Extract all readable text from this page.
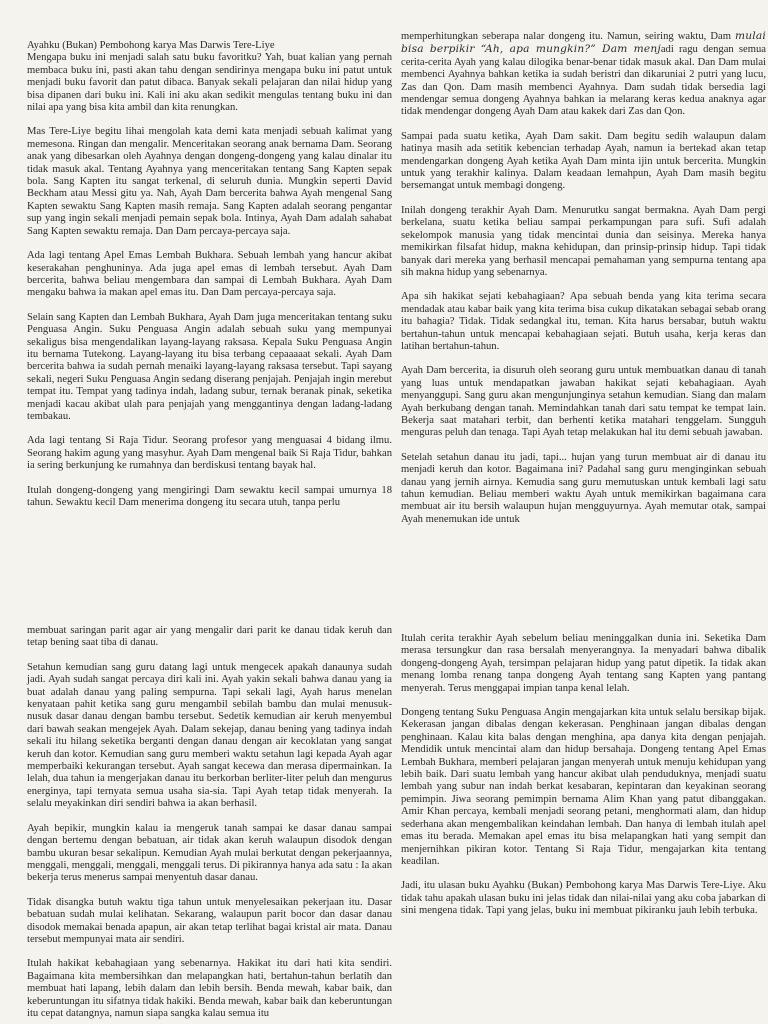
Ayahku (Bukan) Pembohong karya Mas Darwis Tere-Liye

Mengapa buku ini menjadi salah satu buku favoritku? Yah, buat kalian yang pernah membaca buku ini, pasti akan tahu dengan sendirinya mengapa buku ini patut untuk menjadi buku favorit dan patut dibaca. Banyak sekali pelajaran dan nilai hidup yang bisa dipanen dari buku ini. Kali ini aku akan sedikit mengulas tentang buku ini dan nilai apa yang bisa kita ambil dan kita renungkan.

Mas Tere-Liye begitu lihai mengolah kata demi kata menjadi sebuah kalimat yang memesona. Ringan dan mengalir. Menceritakan seorang anak bernama Dam. Seorang anak yang dibesarkan oleh Ayahnya dengan dongeng-dongeng yang kalau dinalar itu tidak masuk akal. Tentang Ayahnya yang menceritakan tentang Sang Kapten sepak bola. Sang Kapten itu sangat terkenal, di seluruh dunia. Mungkin seperti David Beckham atau Messi gitu ya. Nah, Ayah Dam bercerita bahwa Ayah mengenal Sang Kapten sewaktu Sang Kapten masih remaja. Sang Kapten adalah seorang pengantar sup yang ingin sekali menjadi pemain sepak bola. Intinya, Ayah Dam adalah sahabat Sang Kapten sewaktu remaja. Dan Dam percaya-percaya saja.

Ada lagi tentang Apel Emas Lembah Bukhara. Sebuah lembah yang hancur akibat keserakahan penghuninya. Ada juga apel emas di lembah tersebut. Ayah Dam bercerita, bahwa beliau mengembara dan sampai di Lembah Bukhara. Ayah Dam mengaku bahwa ia makan apel emas itu. Dan Dam percaya-percaya saja.

Selain sang Kapten dan Lembah Bukhara, Ayah Dam juga menceritakan tentang suku Penguasa Angin. Suku Penguasa Angin adalah sebuah suku yang mempunyai sekaligus bisa mengendalikan layang-layang raksasa. Kepala Suku Penguasa Angin itu bernama Tutekong. Layang-layang itu bisa terbang cepaaaaat sekali. Ayah Dam bercerita bahwa ia sudah pernah menaiki layang-layang raksasa tersebut. Tapi sayang sekali, negeri Suku Penguasa Angin sedang diserang penjajah. Penjajah ingin merebut tempat itu. Tempat yang tadinya indah, ladang subur, ternak beranak pinak, seketika menjadi kacau akibat ulah para penjajah yang menggantinya dengan ladang-ladang tembakau.

Ada lagi tentang Si Raja Tidur. Seorang profesor yang menguasai 4 bidang ilmu. Seorang hakim agung yang masyhur. Ayah Dam mengenal baik Si Raja Tidur, bahkan ia sering berkunjung ke rumahnya dan berdiskusi tentang bayak hal.

Itulah dongeng-dongeng yang mengiringi Dam sewaktu kecil sampai umurnya 18 tahun. Sewaktu kecil Dam menerima dongeng itu secara utuh, tanpa perlu

memperhitungkan seberapa nalar dongeng itu. Namun, seiring waktu, Dam mulai bisa berpikir “Ah, apa mungkin?” Dam menjadi ragu dengan semua cerita-cerita Ayah yang kalau dilogika benar-benar tidak masuk akal. Dan Dam mulai membenci Ayahnya bahkan ketika ia sudah beristri dan dikaruniai 2 putri yang lucu, Zas dan Qon. Dam masih membenci Ayahnya. Dam sudah tidak bersedia lagi mendengar semua dongeng Ayahnya bahkan ia melarang keras kedua anaknya agar tidak mendengar dongeng Ayah Dam atau kakek dari Zas dan Qon.

Sampai pada suatu ketika, Ayah Dam sakit. Dam begitu sedih walaupun dalam hatinya masih ada setitik kebencian terhadap Ayah, namun ia bertekad akan tetap mendengarkan dongeng Ayah ketika Ayah Dam minta ijin untuk bercerita. Mungkin untuk yang terakhir kalinya. Dalam keadaan lemahpun, Ayah Dam masih begitu bersemangat untuk membagi dongeng.

Inilah dongeng terakhir Ayah Dam. Menurutku sangat bermakna. Ayah Dam pergi berkelana, suatu ketika beliau sampai perkampungan para sufi. Sufi adalah sekelompok manusia yang tidak mencintai dunia dan seisinya. Mereka hanya memikirkan filsafat hidup, makna kehidupan, dan prinsip-prinsip hidup. Tapi tidak banyak dari mereka yang berhasil mencapai pemahaman yang sempurna tentang apa sih makna hidup yang sebenarnya.

Apa sih hakikat sejati kebahagiaan? Apa sebuah benda yang kita terima secara mendadak atau kabar baik yang kita terima bisa cukup dikatakan sebagai sebab orang itu bahagia? Tidak. Tidak sedangkal itu, teman. Kita harus bersabar, butuh waktu bertahun-tahun untuk mencapai kebahagiaan sejati. Butuh usaha, kerja keras dan latihan bertahun-tahun.

Ayah Dam bercerita, ia disuruh oleh seorang guru untuk membuatkan danau di tanah yang luas untuk mendapatkan jawaban hakikat sejati kebahagiaan. Ayah menyanggupi. Sang guru akan mengunjunginya setahun kemudian. Siang dan malam Ayah berkubang dengan tanah. Memindahkan tanah dari satu tempat ke tempat lain. Bekerja saat matahari terbit, dan berhenti ketika matahari tenggelam. Sungguh menguras peluh dan tenaga. Tapi Ayah tetap melakukan hal itu demi sebuah jawaban.

Setelah setahun danau itu jadi, tapi... hujan yang turun membuat air di danau itu menjadi keruh dan kotor. Bagaimana ini? Padahal sang guru menginginkan sebuah danau yang jernih airnya. Kemudia sang guru memutuskan untuk kembali lagi satu tahun kemudian. Beliau memberi waktu Ayah untuk memikirkan bagaimana cara membuat air itu bersih walaupun hujan mengguyurnya. Ayah memutar otak, sampai Ayah menemukan ide untuk

membuat saringan parit agar air yang mengalir dari parit ke danau tidak keruh dan tetap bening saat tiba di danau.

Setahun kemudian sang guru datang lagi untuk mengecek apakah danaunya sudah jadi. Ayah sudah sangat percaya diri kali ini. Ayah yakin sekali bahwa danau yang ia buat adalah danau yang paling sempurna. Tapi sekali lagi, Ayah harus menelan kenyataan pahit ketika sang guru mengambil sebilah bambu dan mulai menusuk-nusuk dasar danau dengan bambu tersebut. Sedetik kemudian air keruh menyembul dari bawah seakan mengejek Ayah. Dalam sekejap, danau bening yang tadinya indah sekali itu hilang seketika berganti dengan danau dengan air kecoklatan yang sangat keruh dan kotor. Kemudian sang guru memberi waktu setahun lagi kepada Ayah agar memperbaiki kekurangan tersebut. Ayah sangat kecewa dan merasa dipermainkan. Ia lelah, dua tahun ia mengerjakan danau itu berkorban berliter-liter peluh dan mengurus energinya, tapi ternyata semua usaha sia-sia. Tapi Ayah tetap tidak menyerah. Ia selalu meyakinkan diri sendiri bahwa ia akan berhasil.

Ayah bepikir, mungkin kalau ia mengeruk tanah sampai ke dasar danau sampai dengan bertemu dengan bebatuan, air tidak akan keruh walaupun disodok dengan bambu ukuran besar sekalipun. Kemudian Ayah mulai berkutat dengan pekerjaannya, menggali, menggali, menggali, menggali terus. Di pikirannya hanya ada satu : Ia akan bekerja terus menerus sampai menyentuh dasar danau.

Tidak disangka butuh waktu tiga tahun untuk menyelesaikan pekerjaan itu. Dasar bebatuan sudah mulai kelihatan. Sekarang, walaupun parit bocor dan dasar danau disodok memakai benada apapun, air akan tetap terlihat bagai kristal air mata. Danau tersebut mempunyai mata air sendiri.

Itulah hakikat kebahagiaan yang sebenarnya. Hakikat itu dari hati kita sendiri. Bagaimana kita membersihkan dan melapangkan hati, bertahun-tahun berlatih dan membuat hati lapang, lebih dalam dan lebih bersih. Benda mewah, kabar baik, dan keberuntungan itu sifatnya tidak hakiki. Benda mewah, kabar baik dan keberuntungan itu cepat datangnya, namun siapa sangka kalau semua itu

Itulah cerita terakhir Ayah sebelum beliau meninggalkan dunia ini. Seketika Dam merasa tersungkur dan rasa bersalah menyerangnya. Ia menyadari bahwa dibalik dongeng-dongeng Ayah, tersimpan pelajaran hidup yang patut dipetik. Ia tidak akan menang lomba renang tanpa dongeng Ayah tentang sang Kapten yang pantang menyerah. Terus menggapai impian tanpa kenal lelah.

Dongeng tentang Suku Penguasa Angin mengajarkan kita untuk selalu bersikap bijak. Kekerasan jangan dibalas dengan kekerasan. Penghinaan jangan dibalas dengan penghinaan. Kalau kita balas dengan menghina, apa danya kita dengan penjajah. Mendidik untuk mencintai alam dan hidup bersahaja. Dongeng tentang Apel Emas Lembah Bukhara, memberi pelajaran jangan menyerah untuk menuju kehidupan yang lebih baik. Dari suatu lembah yang hancur akibat ulah penduduknya, menjadi suatu lembah yang subur nan indah berkat kesabaran, kepintaran dan keyakinan seorang pemimpin. Jiwa seorang pemimpin bernama Alim Khan yang patut dibanggakan. Amir Khan percaya, kembali menjadi seorang petani, menghormati alam, dan hidup sederhana akan mengembalikan keindahan lembah. Dan hanya di lembah itulah apel emas itu berada. Memakan apel emas itu bisa melapangkan hati yang sempit dan menjernihkan pikiran kotor. Tentang Si Raja Tidur, mengajarkan kita tentang keadilan.

Jadi, itu ulasan buku Ayahku (Bukan) Pembohong karya Mas Darwis Tere-Liye. Aku tidak tahu apakah ulasan buku ini jelas tidak dan nilai-nilai yang aku coba jabarkan di sini mengena tidak. Tapi yang jelas, buku ini membuat pikiranku jauh lebih terbuka.
